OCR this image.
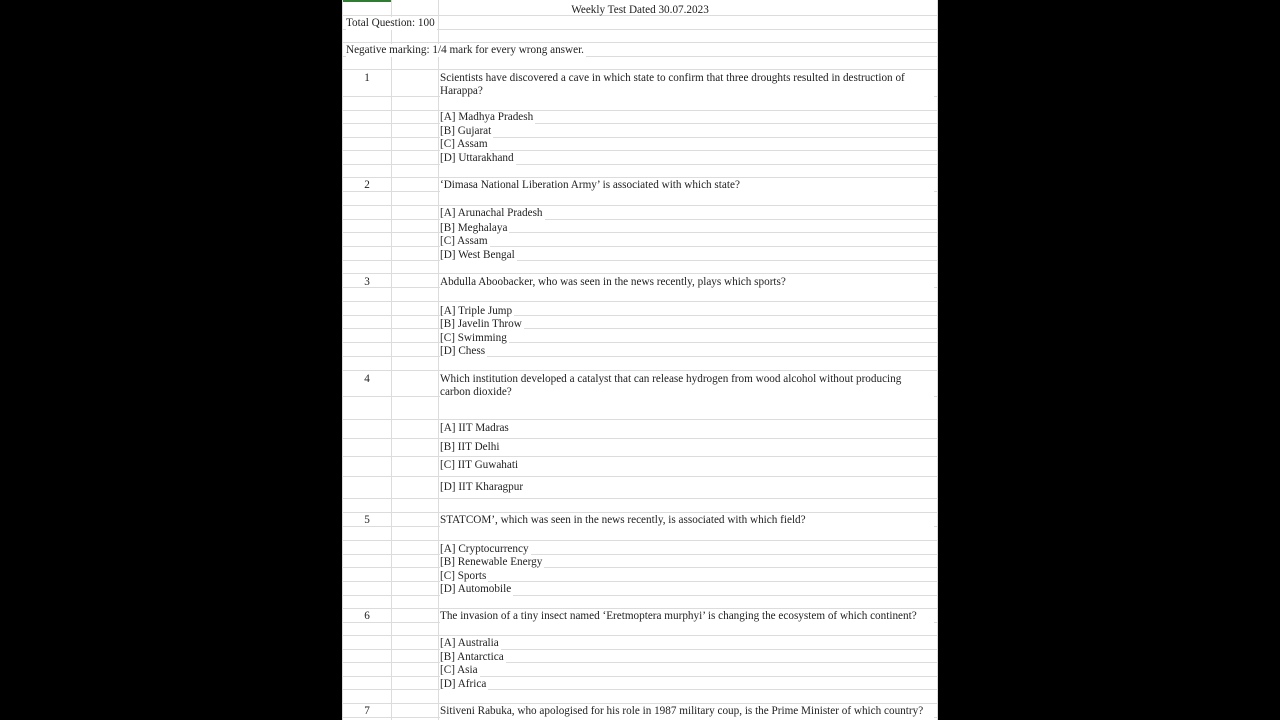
Weekly Test Dated 30.07.2023
Total Question: 100
Negative marking: 1/4 mark for every wrong answer.
1	Scientists have discovered a cave in which state to confirm that three droughts resulted in destruction of Harappa?
[A] Madhya Pradesh
[B] Gujarat
[C] Assam
[D] Uttarakhand
2	‘Dimasa National Liberation Army’ is associated with which state?
[A] Arunachal Pradesh
[B] Meghalaya
[C] Assam
[D] West Bengal
3	Abdulla Aboobacker, who was seen in the news recently, plays which sports?
[A] Triple Jump
[B] Javelin Throw
[C] Swimming
[D] Chess
4	Which institution developed a catalyst that can release hydrogen from wood alcohol without producing carbon dioxide?
[A] IIT Madras
[B] IIT Delhi
[C] IIT Guwahati
[D] IIT Kharagpur
5	STATCOM’, which was seen in the news recently, is associated with which field?
[A] Cryptocurrency
[B] Renewable Energy
[C] Sports
[D] Automobile
6	The invasion of a tiny insect named ‘Eretmoptera murphyi’ is changing the ecosystem of which continent?
[A] Australia
[B] Antarctica
[C] Asia
[D] Africa
7	Sitiveni Rabuka, who apologised for his role in 1987 military coup, is the Prime Minister of which country?
